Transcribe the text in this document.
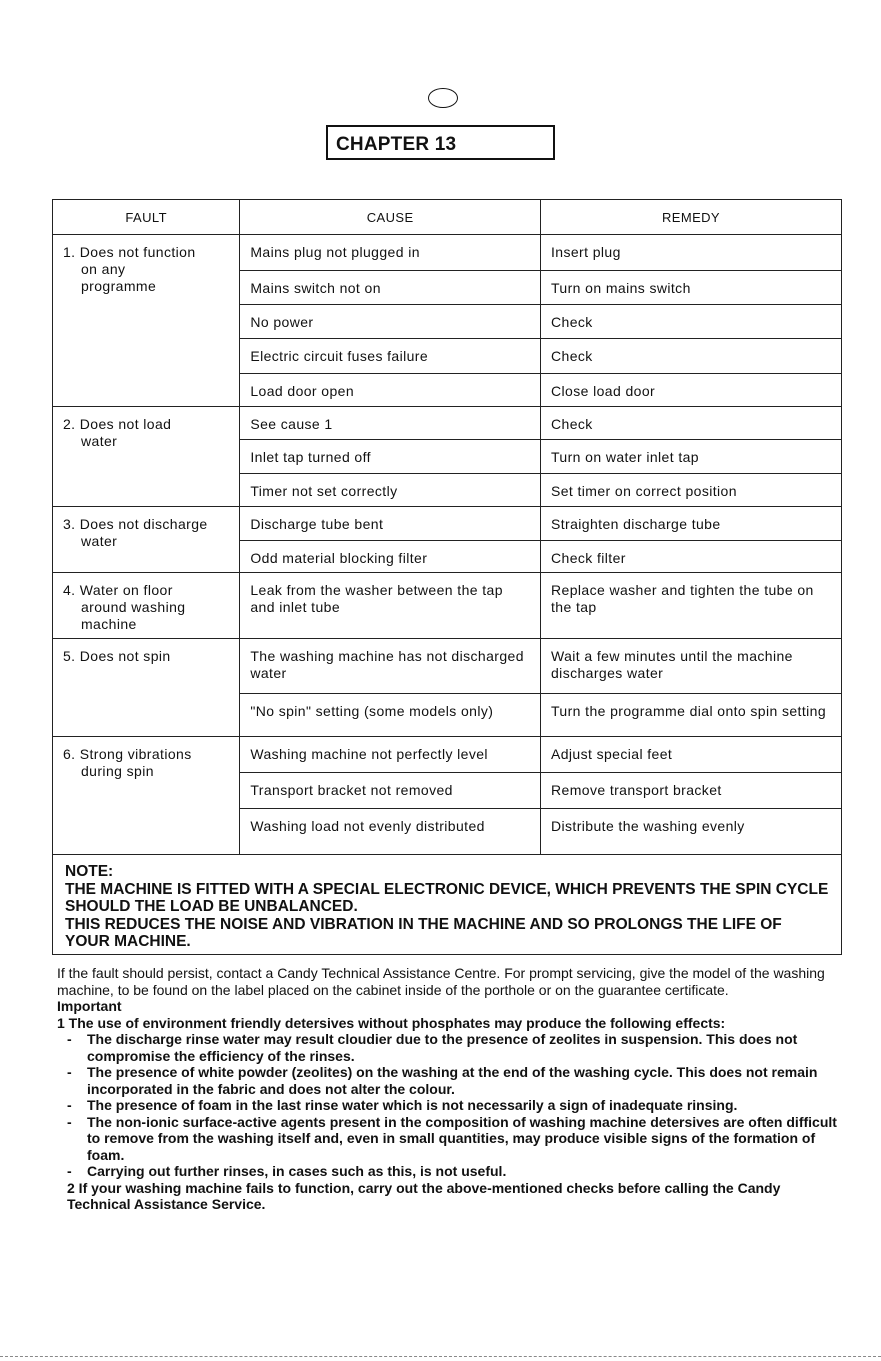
CHAPTER 13
FAULT	CAUSE	REMEDY

1. Does not function
on any
programme	Mains plug not plugged in	Insert plug
	Mains switch not on	Turn on mains switch
	No power	Check
	Electric circuit fuses failure	Check
	Load door open	Close load door

2. Does not load
water	See cause 1	Check
	Inlet tap turned off	Turn on water inlet tap
	Timer not set correctly	Set timer on correct position

3. Does not discharge
water	Discharge tube bent	Straighten discharge tube
	Odd material blocking filter	Check filter

4. Water on floor
around washing
machine	Leak from the washer between the tap and inlet tube	Replace washer and tighten the tube on the tap

5. Does not spin	The washing machine has not discharged water	Wait a few minutes until the machine discharges water
	"No spin" setting (some models only)	Turn the programme dial onto spin setting

6. Strong vibrations
during spin	Washing machine not perfectly level	Adjust special feet
	Transport bracket not removed	Remove transport bracket
	Washing load not evenly distributed	Distribute the washing evenly
NOTE:
THE MACHINE IS FITTED WITH A SPECIAL ELECTRONIC DEVICE, WHICH PREVENTS THE SPIN CYCLE SHOULD THE LOAD BE UNBALANCED.
THIS REDUCES THE NOISE AND VIBRATION IN THE MACHINE AND SO PROLONGS THE LIFE OF YOUR MACHINE.

If the fault should persist, contact a Candy Technical Assistance Centre. For prompt servicing, give the model of the washing machine, to be found on the label placed on the cabinet inside of the porthole or on the guarantee certificate.

Important

1 The use of environment friendly detersives without phosphates may produce the following effects:

- The discharge rinse water may result cloudier due to the presence of zeolites in suspension. This does not compromise the efficiency of the rinses.

- The presence of white powder (zeolites) on the washing at the end of the washing cycle. This does not remain incorporated in the fabric and does not alter the colour.

- The presence of foam in the last rinse water which is not necessarily a sign of inadequate rinsing.

- The non-ionic surface-active agents present in the composition of washing machine detersives are often difficult to remove from the washing itself and, even in small quantities, may produce visible signs of the formation of foam.

- Carrying out further rinses, in cases such as this, is not useful.

2 If your washing machine fails to function, carry out the above-mentioned checks before calling the Candy Technical Assistance Service.
